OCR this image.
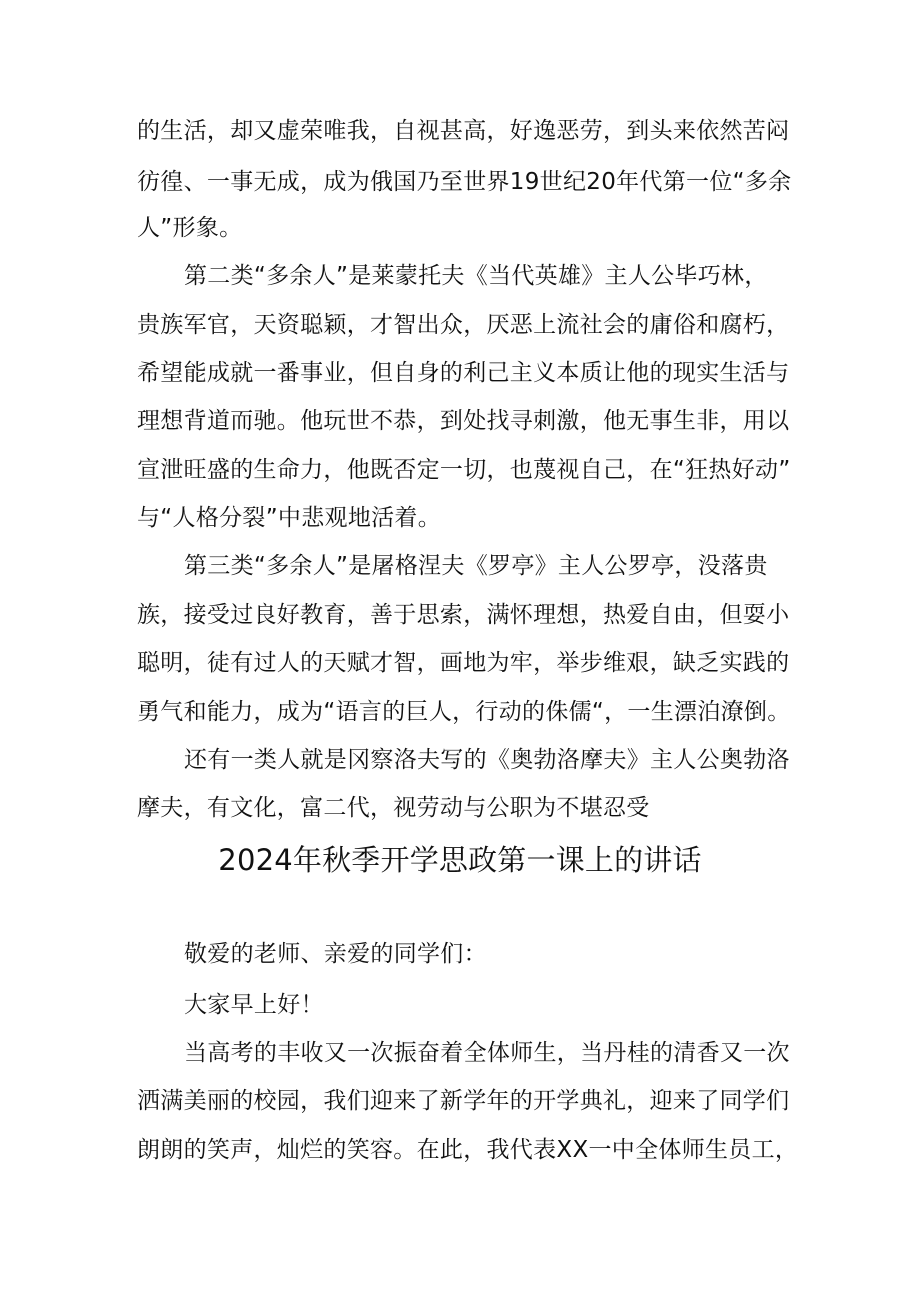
的生活，却又虚荣唯我，自视甚高，好逸恶劳，到头来依然苦闷
彷徨、一事无成，成为俄国乃至世界19世纪20年代第一位“多余
人”形象。
第二类“多余人”是莱蒙托夫《当代英雄》主人公毕巧林，
贵族军官，天资聪颖，才智出众，厌恶上流社会的庸俗和腐朽，
希望能成就一番事业，但自身的利己主义本质让他的现实生活与
理想背道而驰。他玩世不恭，到处找寻刺激，他无事生非，用以
宣泄旺盛的生命力，他既否定一切，也蔑视自己，在“狂热好动”
与“人格分裂”中悲观地活着。
第三类“多余人”是屠格涅夫《罗亭》主人公罗亭，没落贵
族，接受过良好教育，善于思索，满怀理想，热爱自由，但耍小
聪明，徒有过人的天赋才智，画地为牢，举步维艰，缺乏实践的
勇气和能力，成为“语言的巨人，行动的侏儒“，一生漂泊潦倒。
还有一类人就是冈察洛夫写的《奥勃洛摩夫》主人公奥勃洛
摩夫，有文化，富二代，视劳动与公职为不堪忍受
2024年秋季开学思政第一课上的讲话
敬爱的老师、亲爱的同学们：
大家早上好！
当高考的丰收又一次振奋着全体师生，当丹桂的清香又一次
洒满美丽的校园，我们迎来了新学年的开学典礼，迎来了同学们
朗朗的笑声，灿烂的笑容。在此，我代表XX一中全体师生员工，
